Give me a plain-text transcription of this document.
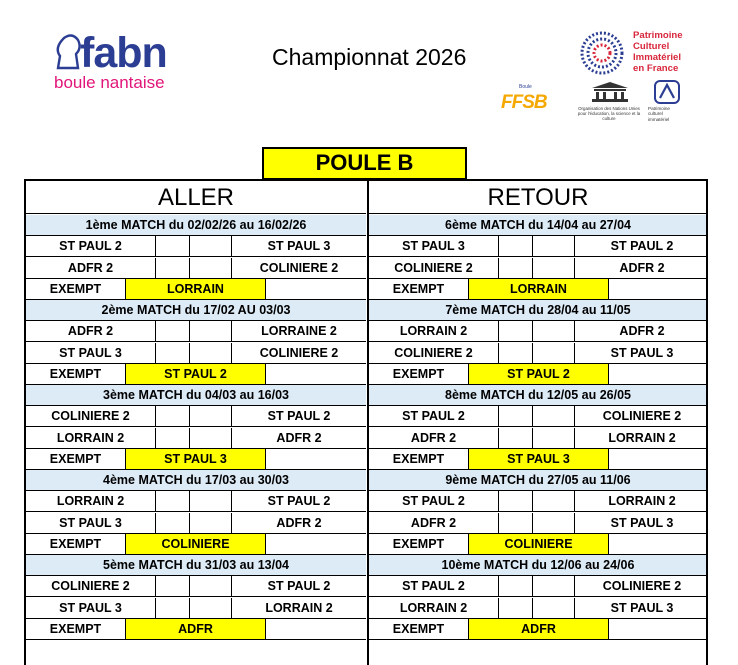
fabn
boule nantaise
Championnat 2026
Patrimoine
Culturel
Immatériel
en France
Boule
FFSB	Organisation des Nations Unies pour l'éducation, la science et la culture
Patrimoine
culturel
immatériel
POULE B
ALLER
1ème MATCH du 02/02/26 au 16/02/26
ST PAUL 2	ST PAUL 3
ADFR 2	COLINIERE 2
EXEMPT	LORRAIN
2ème MATCH du 17/02 AU 03/03
ADFR 2	LORRAINE 2
ST PAUL 3	COLINIERE 2
EXEMPT	ST PAUL 2
3ème MATCH du 04/03 au 16/03
COLINIERE 2	ST PAUL 2
LORRAIN 2	ADFR 2
EXEMPT	ST PAUL 3
4ème MATCH du 17/03 au 30/03
LORRAIN 2	ST PAUL 2
ST PAUL 3	ADFR 2
EXEMPT	COLINIERE
5ème MATCH du 31/03 au 13/04
COLINIERE 2	ST PAUL 2
ST PAUL 3	LORRAIN 2
EXEMPT	ADFR
RETOUR
6ème MATCH du 14/04 au 27/04
ST PAUL 3	ST PAUL 2
COLINIERE 2	ADFR 2
EXEMPT	LORRAIN
7ème MATCH du 28/04 au 11/05
LORRAIN 2	ADFR 2
COLINIERE 2	ST PAUL 3
EXEMPT	ST PAUL 2
8ème MATCH du 12/05 au 26/05
ST PAUL 2	COLINIERE 2
ADFR 2	LORRAIN 2
EXEMPT	ST PAUL 3
9ème MATCH du 27/05 au 11/06
ST PAUL 2	LORRAIN 2
ADFR 2	ST PAUL 3
EXEMPT	COLINIERE
10ème MATCH du 12/06 au 24/06
ST PAUL 2	COLINIERE 2
LORRAIN 2	ST PAUL 3
EXEMPT	ADFR
